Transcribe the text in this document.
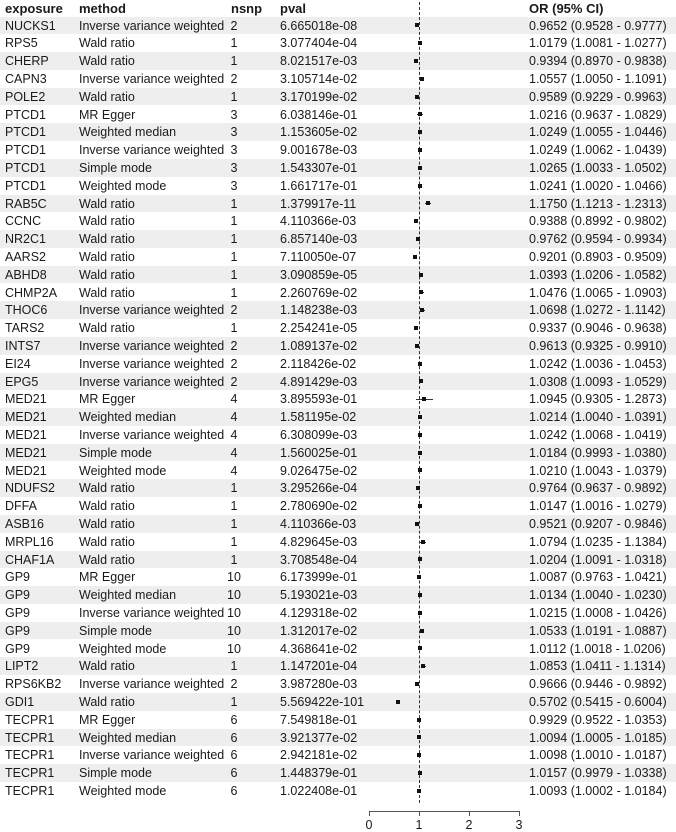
exposure method	nsnp pval	OR (95% CI)
NUCKS1 Inverse variance weighted 2	6.665018e-08	0.9652 (0.9528 - 0.9777)
RPS5	Wald ratio	1	3.077404e-04	1.0179 (1.0081 - 1.0277)
CHERP Wald ratio	1	8.021517e-03	0.9394 (0.8970 - 0.9838)
CAPN3	Inverse variance weighted 2	3.105714e-02	1.0557 (1.0050 - 1.1091)
POLE2	Wald ratio	1	3.170199e-02	0.9589 (0.9229 - 0.9963)
PTCD1	MR Egger	3	6.038146e-01	1.0216 (0.9637 - 1.0829)
PTCD1	Weighted median	3	1.153605e-02	1.0249 (1.0055 - 1.0446)
PTCD1	Inverse variance weighted 3	9.001678e-03	1.0249 (1.0062 - 1.0439)
PTCD1	Simple mode	3	1.543307e-01	1.0265 (1.0033 - 1.0502)
PTCD1	Weighted mode	3	1.661717e-01	1.0241 (1.0020 - 1.0466)
RAB5C	Wald ratio	1	1.379917e-11	1.1750 (1.1213 - 1.2313)
CCNC	Wald ratio	1	4.110366e-03	0.9388 (0.8992 - 0.9802)
NR2C1	Wald ratio	1	6.857140e-03	0.9762 (0.9594 - 0.9934)
AARS2	Wald ratio	1	7.110050e-07	0.9201 (0.8903 - 0.9509)
ABHD8	Wald ratio	1	3.090859e-05	1.0393 (1.0206 - 1.0582)
CHMP2A Wald ratio	1	2.260769e-02	1.0476 (1.0065 - 1.0903)
THOC6	Inverse variance weighted 2	1.148238e-03	1.0698 (1.0272 - 1.1142)
TARS2	Wald ratio	1	2.254241e-05	0.9337 (0.9046 - 0.9638)
INTS7	Inverse variance weighted 2	1.089137e-02	0.9613 (0.9325 - 0.9910)
EI24	Inverse variance weighted 2	2.118426e-02	1.0242 (1.0036 - 1.0453)
EPG5	Inverse variance weighted 2	4.891429e-03	1.0308 (1.0093 - 1.0529)
MED21	MR Egger	4	3.895593e-01	1.0945 (0.9305 - 1.2873)
MED21	Weighted median	4	1.581195e-02	1.0214 (1.0040 - 1.0391)
MED21	Inverse variance weighted 4	6.308099e-03	1.0242 (1.0068 - 1.0419)
MED21	Simple mode	4	1.560025e-01	1.0184 (0.9993 - 1.0380)
MED21	Weighted mode	4	9.026475e-02	1.0210 (1.0043 - 1.0379)
NDUFS2 Wald ratio	1	3.295266e-04	0.9764 (0.9637 - 0.9892)
DFFA	Wald ratio	1	2.780690e-02	1.0147 (1.0016 - 1.0279)
ASB16	Wald ratio	1	4.110366e-03	0.9521 (0.9207 - 0.9846)
MRPL16 Wald ratio	1	4.829645e-03	1.0794 (1.0235 - 1.1384)
CHAF1A Wald ratio	1	3.708548e-04	1.0204 (1.0091 - 1.0318)
GP9	MR Egger	10	6.173999e-01	1.0087 (0.9763 - 1.0421)
GP9	Weighted median	10	5.193021e-03	1.0134 (1.0040 - 1.0230)
GP9	Inverse variance weighted 10	4.129318e-02	1.0215 (1.0008 - 1.0426)
GP9	Simple mode	10	1.312017e-02	1.0533 (1.0191 - 1.0887)
GP9	Weighted mode	10	4.368641e-02	1.0112 (1.0018 - 1.0206)
LIPT2	Wald ratio	1	1.147201e-04	1.0853 (1.0411 - 1.1314)
RPS6KB2 Inverse variance weighted 2	3.987280e-03	0.9666 (0.9446 - 0.9892)
GDI1	Wald ratio	1	5.569422e-101	0.5702 (0.5415 - 0.6004)
TECPR1 MR Egger	6	7.549818e-01	0.9929 (0.9522 - 1.0353)
TECPR1 Weighted median	6	3.921377e-02	1.0094 (1.0005 - 1.0185)
TECPR1 Inverse variance weighted 6	2.942181e-02	1.0098 (1.0010 - 1.0187)
TECPR1 Simple mode	6	1.448379e-01	1.0157 (0.9979 - 1.0338)
TECPR1 Weighted mode	6	1.022408e-01	1.0093 (1.0002 - 1.0184)
0	1	2	3
